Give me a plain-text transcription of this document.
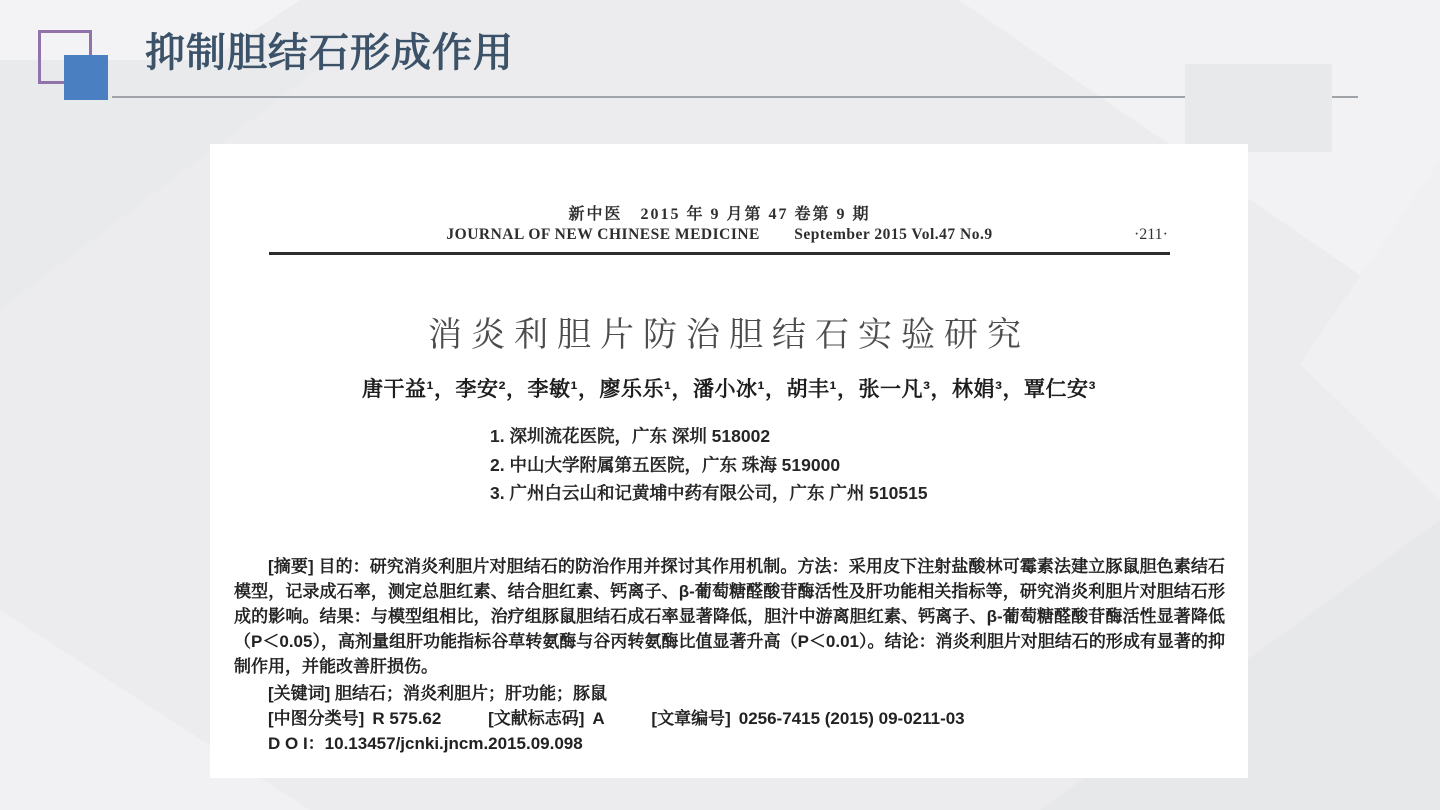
抑制胆结石形成作用
新中医　2015 年 9 月第 47 卷第 9 期
JOURNAL OF NEW CHINESE MEDICINE September 2015 Vol.47 No.9	·211·
消炎利胆片防治胆结石实验研究
唐干益¹，李安²，李敏¹，廖乐乐¹，潘小冰¹，胡丰¹，张一凡³，林娟³，覃仁安³
1. 深圳流花医院，广东 深圳 518002
2. 中山大学附属第五医院，广东 珠海 519000
3. 广州白云山和记黄埔中药有限公司，广东 广州 510515
[摘要] 目的：研究消炎利胆片对胆结石的防治作用并探讨其作用机制。方法：采用皮下注射盐酸林可霉素法建立豚鼠胆色素结石模型，记录成石率，测定总胆红素、结合胆红素、钙离子、β-葡萄糖醛酸苷酶活性及肝功能相关指标等，研究消炎利胆片对胆结石形成的影响。结果：与模型组相比，治疗组豚鼠胆结石成石率显著降低，胆汁中游离胆红素、钙离子、β-葡萄糖醛酸苷酶活性显著降低（P＜0.05），高剂量组肝功能指标谷草转氨酶与谷丙转氨酶比值显著升高（P＜0.01）。结论：消炎利胆片对胆结石的形成有显著的抑制作用，并能改善肝损伤。
[关键词] 胆结石；消炎利胆片；肝功能；豚鼠
[中图分类号] R 575.62	[文献标志码] A	[文章编号] 0256-7415 (2015) 09-0211-03
D O I：10.13457/jcnki.jncm.2015.09.098
